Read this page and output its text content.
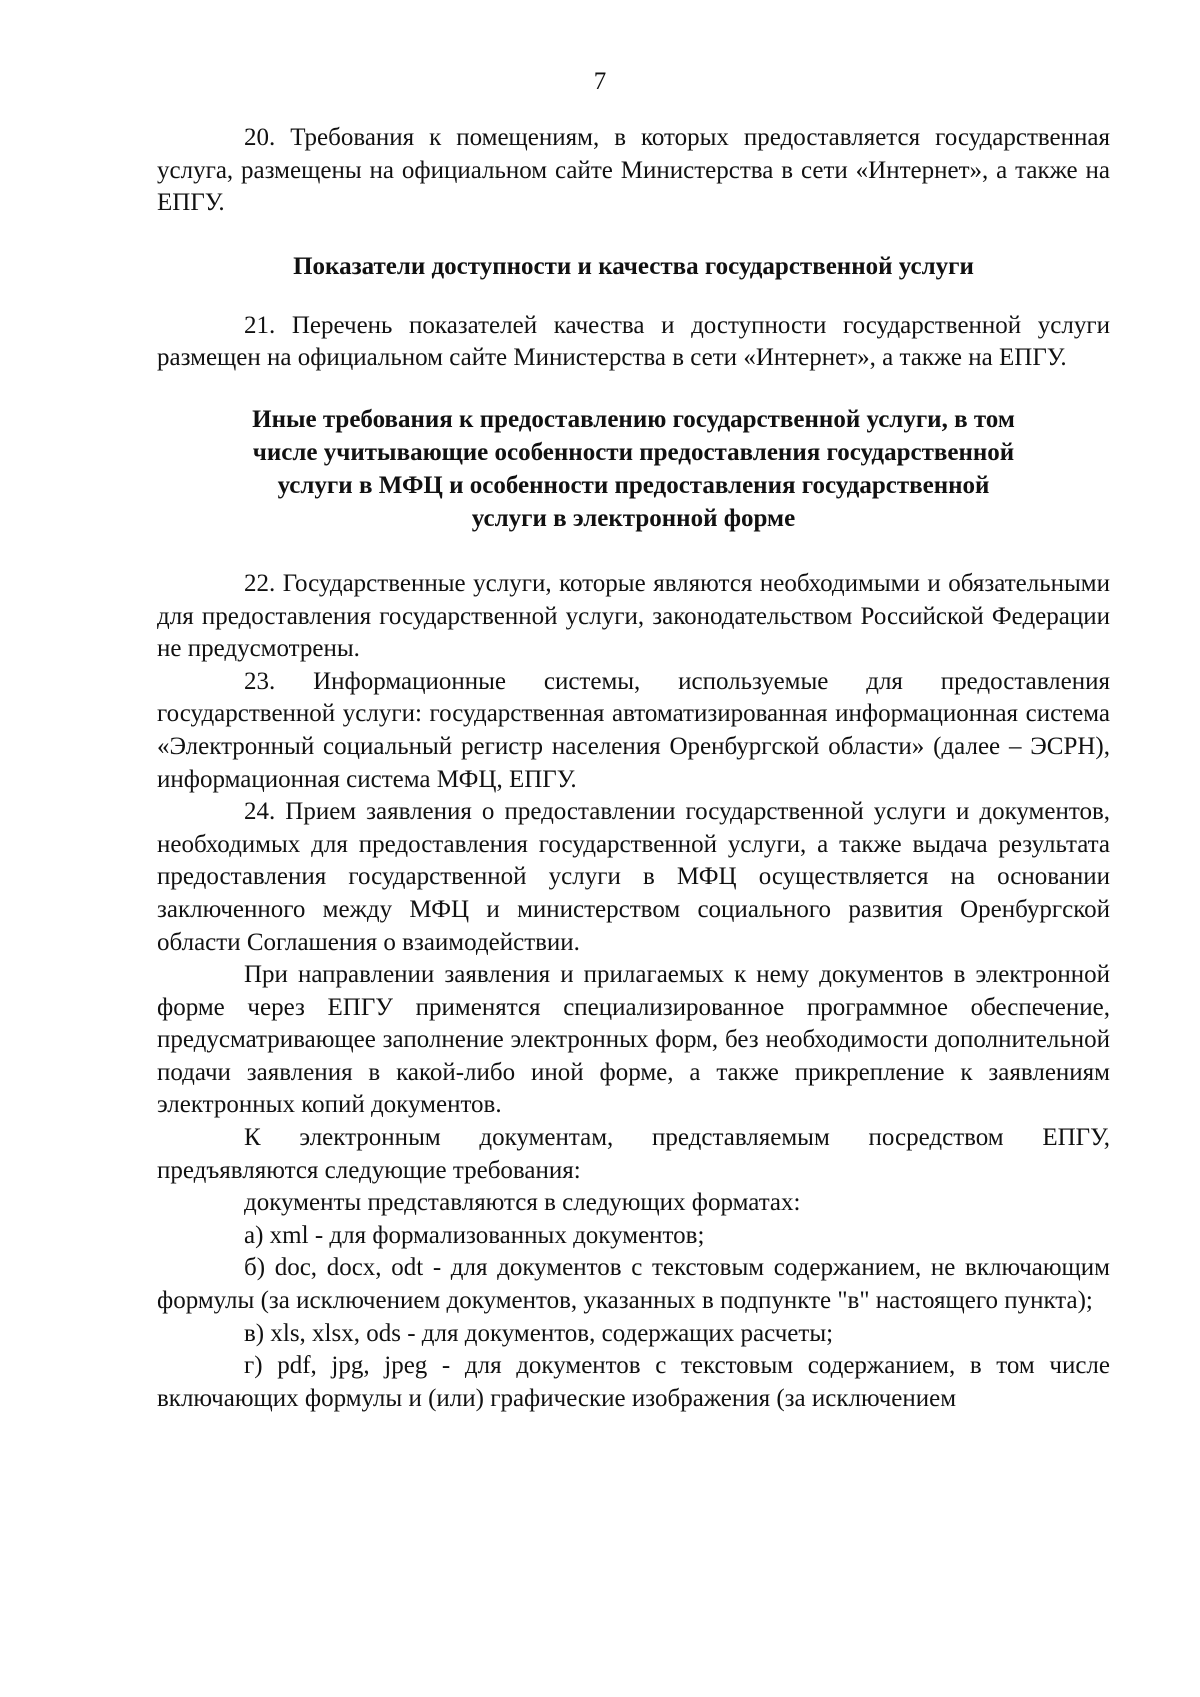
7

20. Требования к помещениям, в которых предоставляется государственная услуга, размещены на официальном сайте Министерства в сети «Интернет», а также на ЕПГУ.

Показатели доступности и качества государственной услуги

21. Перечень показателей качества и доступности государственной услуги размещен на официальном сайте Министерства в сети «Интернет», а также на ЕПГУ.

Иные требования к предоставлению государственной услуги, в том

числе учитывающие особенности предоставления государственной

услуги в МФЦ и особенности предоставления государственной

услуги в электронной форме

22. Государственные услуги, которые являются необходимыми и обязательными для предоставления государственной услуги, законодательством Российской Федерации не предусмотрены.

23. Информационные системы, используемые для предоставления государственной услуги: государственная автоматизированная информационная система «Электронный социальный регистр населения Оренбургской области» (далее – ЭСРН), информационная система МФЦ, ЕПГУ.

24. Прием заявления о предоставлении государственной услуги и документов, необходимых для предоставления государственной услуги, а также выдача результата предоставления государственной услуги в МФЦ осуществляется на основании заключенного между МФЦ и министерством социального развития Оренбургской области Соглашения о взаимодействии.

При направлении заявления и прилагаемых к нему документов в электронной форме через ЕПГУ применятся специализированное программное обеспечение, предусматривающее заполнение электронных форм, без необходимости дополнительной подачи заявления в какой-либо иной форме, а также прикрепление к заявлениям электронных копий документов.

К электронным документам, представляемым посредством ЕПГУ, предъявляются следующие требования:

документы представляются в следующих форматах:

а) xml - для формализованных документов;

б) doc, docx, odt - для документов с текстовым содержанием, не включающим формулы (за исключением документов, указанных в подпункте "в" настоящего пункта);

в) xls, xlsx, ods - для документов, содержащих расчеты;

г) pdf, jpg, jpeg - для документов с текстовым содержанием, в том числе включающих формулы и (или) графические изображения (за исключением
